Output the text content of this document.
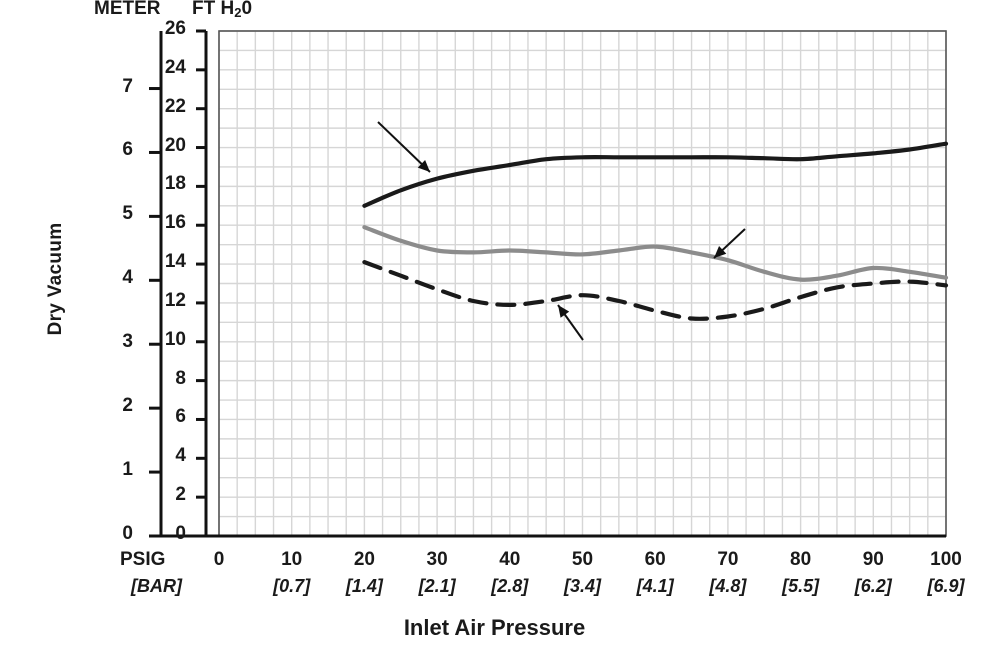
METER FT $H_20$
Dry Vacuum
PSIG
[BAR]
Inlet Air Pressure
0
1
2
3
4
5
6
7
0
2
4
6
8
10
12
14
16
18
20
22
24
26
0	10
[0.7]
20
[1.4]
30
[2.1]
40
[2.8]
50
[3.4]
60
[4.1]
70
[4.8]
80
[5.5]
90
[6.2]
100
[6.9]
